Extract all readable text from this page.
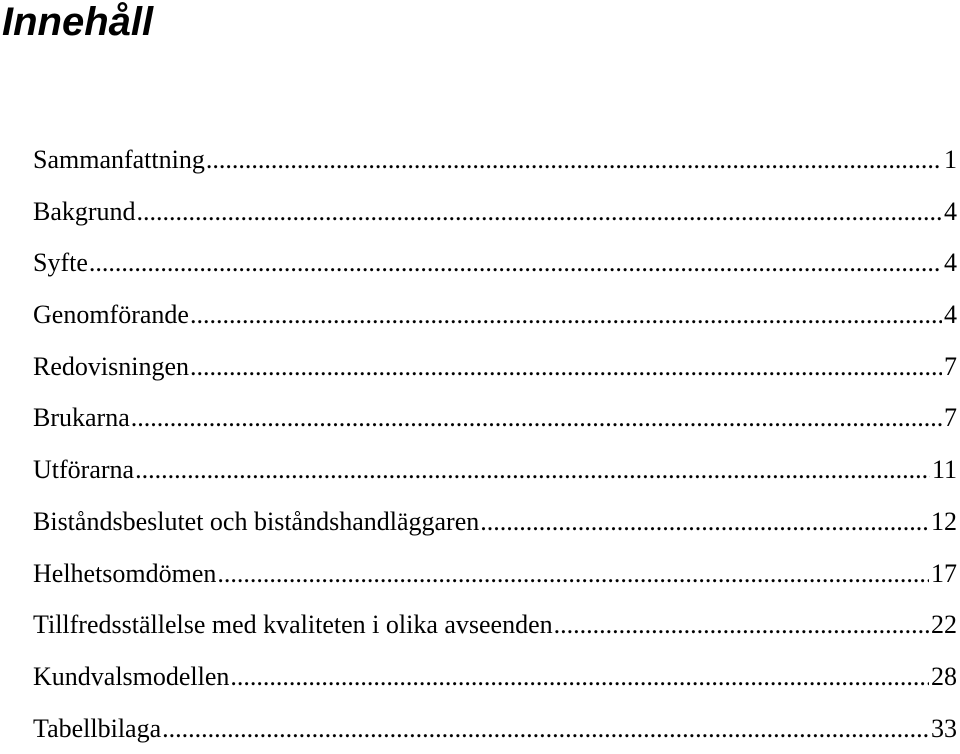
Innehåll
Sammanfattning .....	1
Bakgrund .....	4
Syfte .....	4
Genomförande .....	4
Redovisningen .....	7
Brukarna .....	7
Utförarna .....	11
Biståndsbeslutet och biståndshandläggaren .....	12
Helhetsomdömen .....	17
Tillfredsställelse med kvaliteten i olika avseenden .....	22
Kundvalsmodellen .....	28
Tabellbilaga .....	33
